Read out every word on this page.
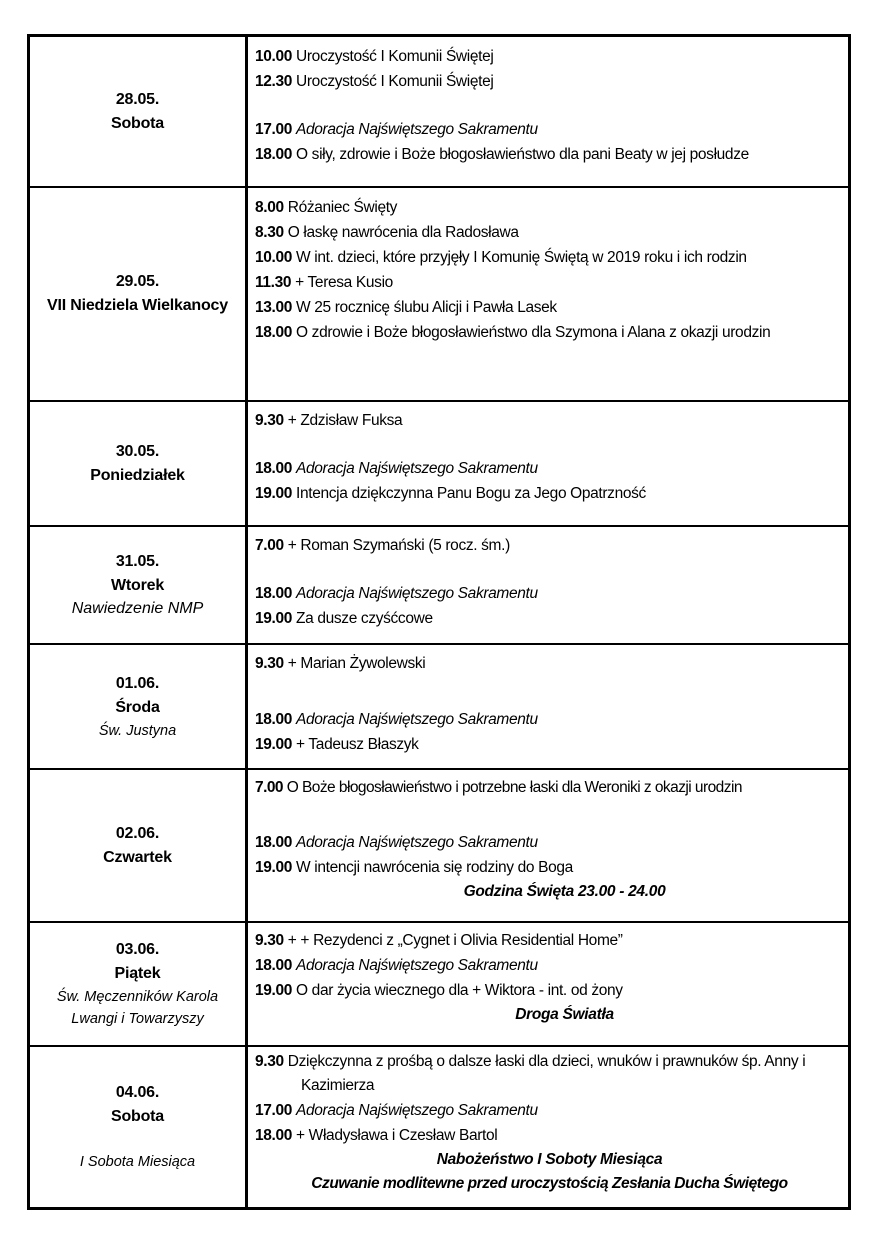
28.05.
Sobota
10.00 Uroczystość I Komunii Świętej
12.30 Uroczystość I Komunii Świętej
17.00 Adoracja Najświętszego Sakramentu
18.00 O siły, zdrowie i Boże błogosławieństwo dla pani Beaty w jej posłudze
29.05.
VII Niedziela Wielkanocy
8.00 Różaniec Święty
8.30 O łaskę nawrócenia dla Radosława
10.00 W int. dzieci, które przyjęły I Komunię Świętą w 2019 roku i ich rodzin
11.30 + Teresa Kusio
13.00 W 25 rocznicę ślubu Alicji i Pawła Lasek
18.00 O zdrowie i Boże błogosławieństwo dla Szymona i Alana z okazji urodzin
30.05.
Poniedziałek
9.30 + Zdzisław Fuksa
18.00 Adoracja Najświętszego Sakramentu
19.00 Intencja dziękczynna Panu Bogu za Jego Opatrzność
31.05.
Wtorek
Nawiedzenie NMP
7.00 + Roman Szymański (5 rocz. śm.)
18.00 Adoracja Najświętszego Sakramentu
19.00 Za dusze czyśćcowe
01.06.
Środa
Św. Justyna
9.30 + Marian Żywolewski
18.00 Adoracja Najświętszego Sakramentu
19.00 + Tadeusz Błaszyk
02.06.
Czwartek
7.00 O Boże błogosławieństwo i potrzebne łaski dla Weroniki z okazji urodzin
18.00 Adoracja Najświętszego Sakramentu
19.00 W intencji nawrócenia się rodziny do Boga
Godzina Święta 23.00 - 24.00
03.06.
Piątek
Św. Męczenników Karola Lwangi i Towarzyszy
9.30 + + Rezydenci z „Cygnet i Olivia Residential Home”
18.00 Adoracja Najświętszego Sakramentu
19.00 O dar życia wiecznego dla + Wiktora - int. od żony
Droga Światła
04.06.
Sobota
I Sobota Miesiąca
9.30 Dziękczynna z prośbą o dalsze łaski dla dzieci, wnuków i prawnuków śp. Anny i Kazimierza
17.00 Adoracja Najświętszego Sakramentu
18.00 + Władysława i Czesław Bartol
Nabożeństwo I Soboty Miesiąca
Czuwanie modlitewne przed uroczystością Zesłania Ducha Świętego
